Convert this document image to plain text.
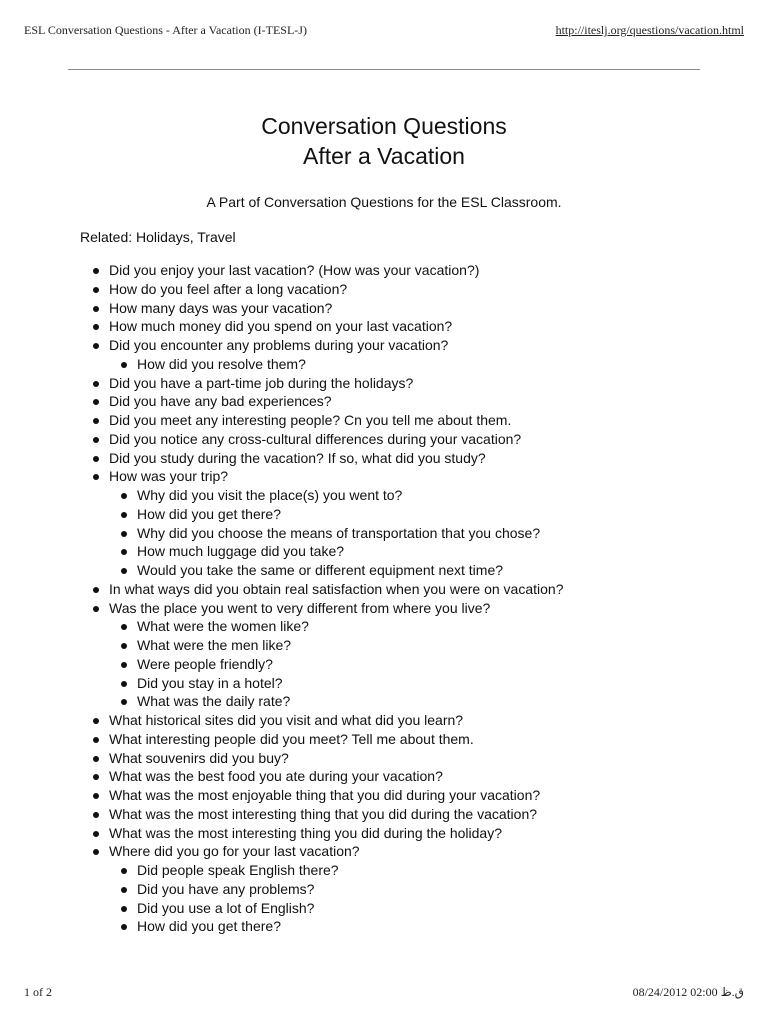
ESL Conversation Questions - After a Vacation (I-TESL-J)	http://iteslj.org/questions/vacation.html
Conversation Questions
After a Vacation
A Part of Conversation Questions for the ESL Classroom.
Related: Holidays, Travel
Did you enjoy your last vacation? (How was your vacation?)
How do you feel after a long vacation?
How many days was your vacation?
How much money did you spend on your last vacation?
Did you encounter any problems during your vacation?
How did you resolve them?
Did you have a part-time job during the holidays?
Did you have any bad experiences?
Did you meet any interesting people? Cn you tell me about them.
Did you notice any cross-cultural differences during your vacation?
Did you study during the vacation? If so, what did you study?
How was your trip?
Why did you visit the place(s) you went to?
How did you get there?
Why did you choose the means of transportation that you chose?
How much luggage did you take?
Would you take the same or different equipment next time?
In what ways did you obtain real satisfaction when you were on vacation?
Was the place you went to very different from where you live?
What were the women like?
What were the men like?
Were people friendly?
Did you stay in a hotel?
What was the daily rate?
What historical sites did you visit and what did you learn?
What interesting people did you meet? Tell me about them.
What souvenirs did you buy?
What was the best food you ate during your vacation?
What was the most enjoyable thing that you did during your vacation?
What was the most interesting thing that you did during the vacation?
What was the most interesting thing you did during the holiday?
Where did you go for your last vacation?
Did people speak English there?
Did you have any problems?
Did you use a lot of English?
How did you get there?
1 of 2	08/24/2012 02:00 ق.ظ
